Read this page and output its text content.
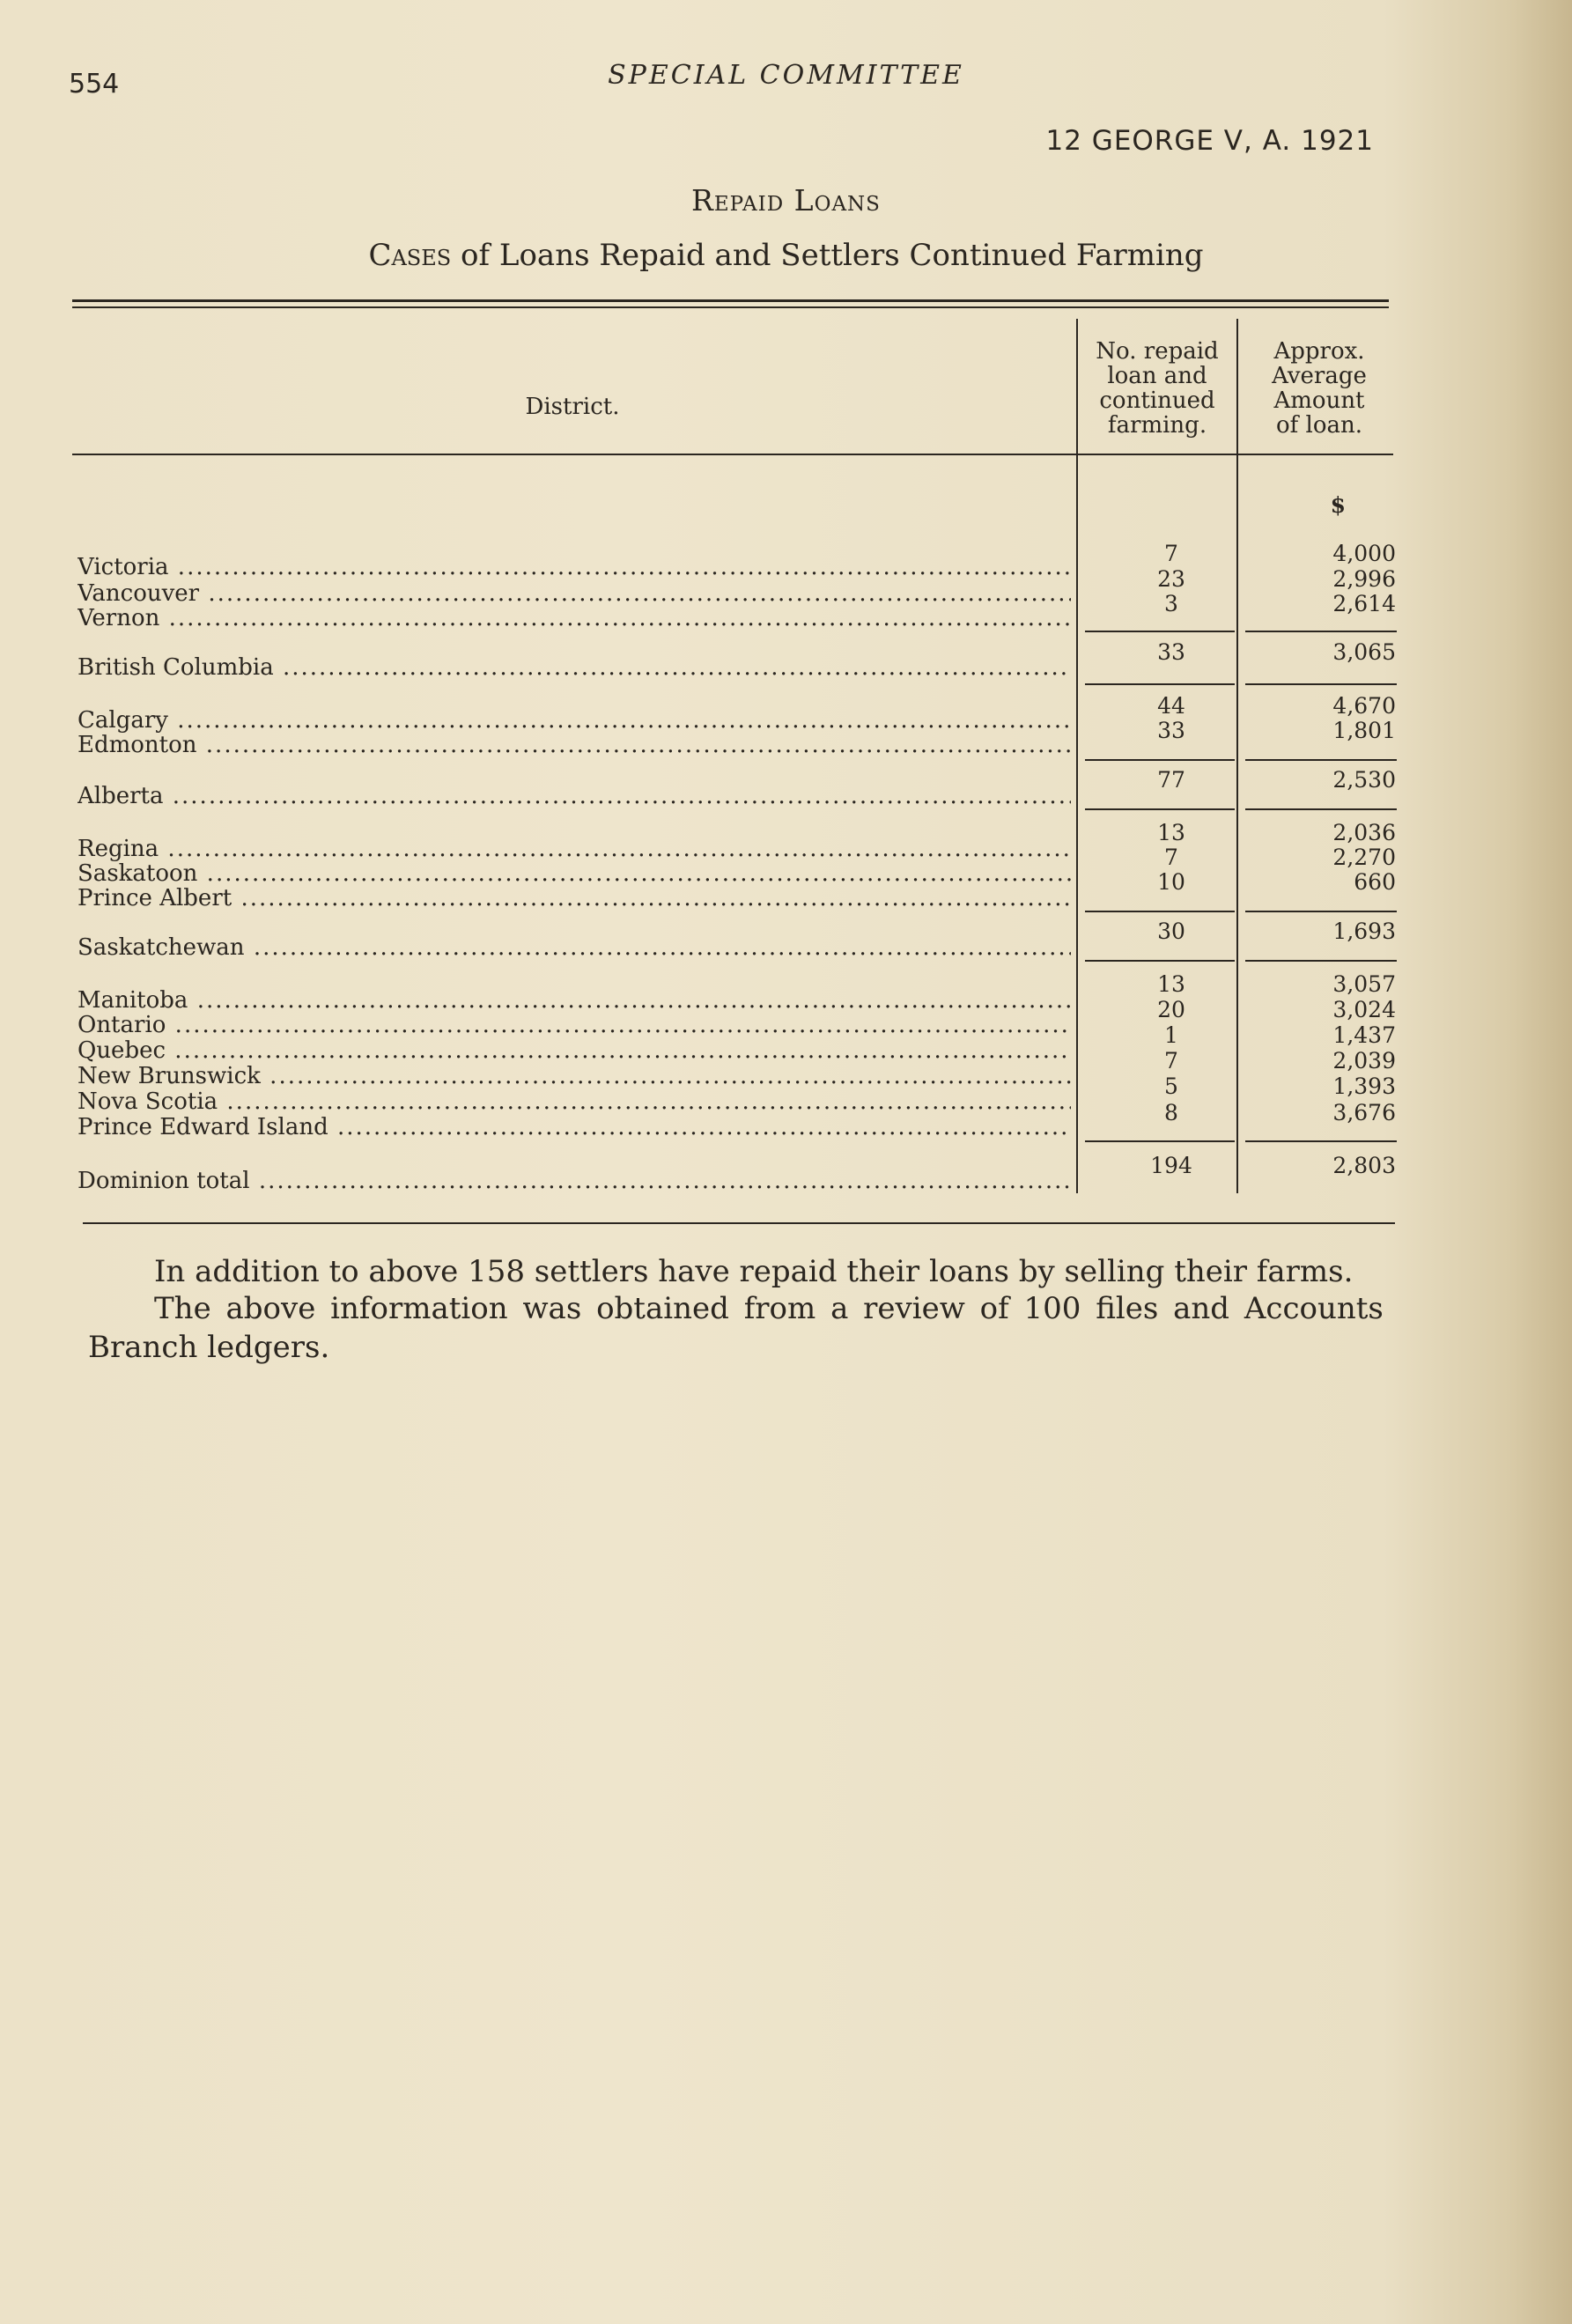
554	SPECIAL COMMITTEE
12 GEORGE V, A. 1921
Repaid Loans
Cases of Loans Repaid and Settlers Continued Farming
District.
No. repaid
loan and
continued
farming.
Approx.
Average
Amount
of loan.
$
Victoria .....
7	4,000
Vancouver .....
23	2,996
Vernon .....
3	2,614
British Columbia .....
33	3,065
Calgary .....
44	4,670
Edmonton .....
33	1,801
Alberta .....
77	2,530
Regina .....
13	2,036
Saskatoon .....
7	2,270
Prince Albert .....
10	660
Saskatchewan .....
30	1,693
Manitoba .....
13	3,057
Ontario .....
20	3,024
Quebec .....
1	1,437
New Brunswick .....
7	2,039
Nova Scotia .....
5	1,393
Prince Edward Island .....
8	3,676
Dominion total .....
194	2,803
In addition to above 158 settlers have repaid their loans by selling their farms.
The above information was obtained from a review of 100 files and Accounts
Branch ledgers.
